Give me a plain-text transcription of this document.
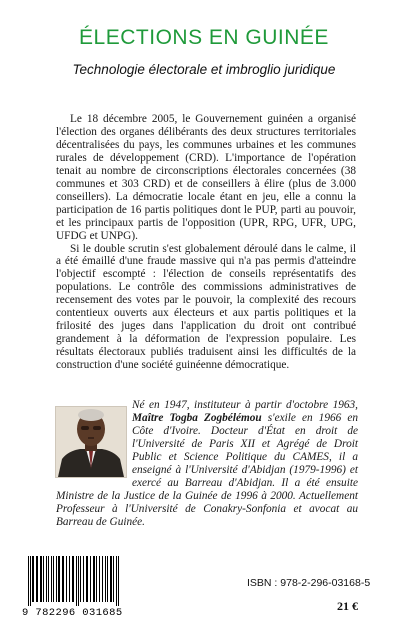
ÉLECTIONS EN GUINÉE
Technologie électorale et imbroglio juridique

Le 18 décembre 2005, le Gouvernement guinéen a organisé l'élection des organes délibérants des deux structures territoriales décentralisées du pays, les communes urbaines et les communes rurales de développement (CRD). L'importance de l'opération tenait au nombre de circonscriptions électorales concernées (38 communes et 303 CRD) et de conseillers à élire (plus de 3.000 conseillers). La démocratie locale étant en jeu, elle a connu la participation de 16 partis politiques dont le PUP, parti au pouvoir, et les principaux partis de l'opposition (UPR, RPG, UFR, UPG, UFDG et UNPG).

Si le double scrutin s'est globalement déroulé dans le calme, il a été émaillé d'une fraude massive qui n'a pas permis d'atteindre l'objectif escompté : l'élection de conseils représentatifs des populations. Le contrôle des commissions administratives de recensement des votes par le pouvoir, la complexité des recours contentieux ouverts aux électeurs et aux partis politiques et la frilosité des juges dans l'application du droit ont contribué grandement à la déformation de l'expression populaire. Les résultats électoraux publiés traduisent ainsi les difficultés de la construction d'une société guinéenne démocratique.

Né en 1947, instituteur à partir d'octobre 1963, Maître Togba Zogbélémou s'exile en 1966 en Côte d'Ivoire. Docteur d'État en droit de l'Université de Paris XII et Agrégé de Droit Public et Science Politique du CAMES, il a enseigné à l'Université d'Abidjan (1979-1996) et exercé au Barreau d'Abidjan. Il a été ensuite Ministre de la Justice de la Guinée de 1996 à 2000. Actuellement Professeur à l'Université de Conakry-Sonfonia et avocat au Barreau de Guinée.
9 782296 031685
ISBN : 978-2-296-03168-5
21 €
